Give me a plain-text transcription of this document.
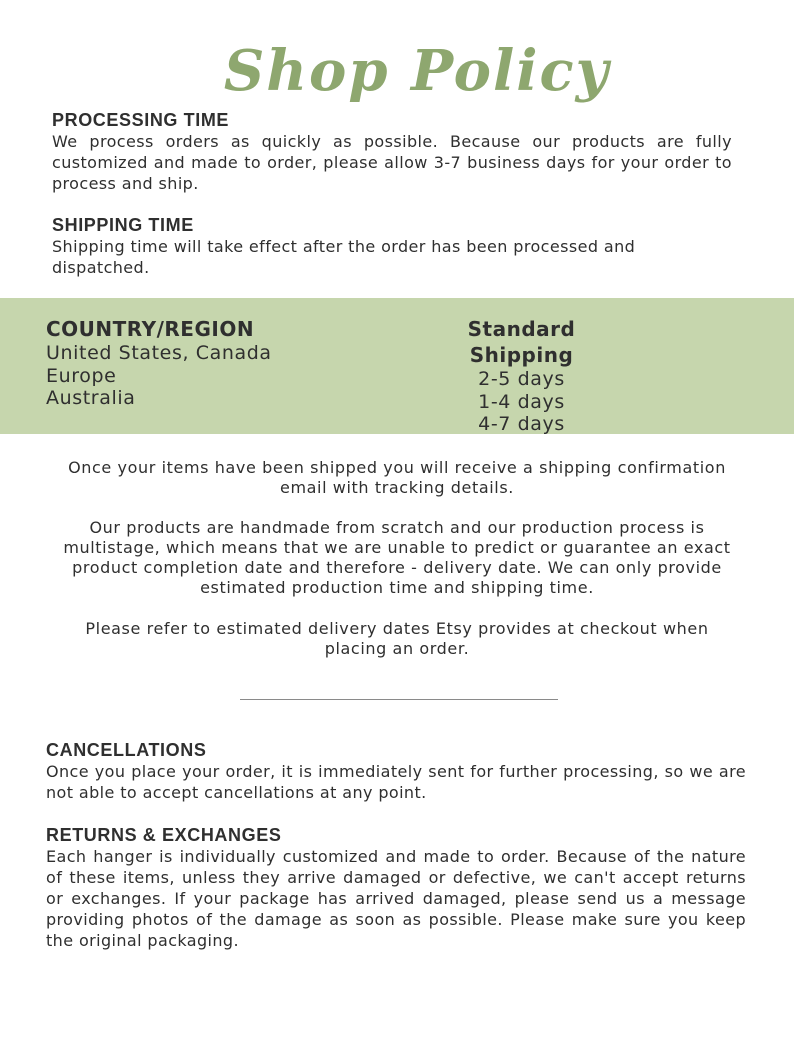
Shop Policy

PROCESSING TIME

We process orders as quickly as possible. Because our products are fully customized and made to order, please allow 3-7 business days for your order to process and ship.

SHIPPING TIME

Shipping time will take effect after the order has been processed and dispatched.

COUNTRY/REGION

United States, Canada

Europe

Australia

Standard Shipping

2-5 days

1-4 days

4-7 days

Once your items have been shipped you will receive a shipping confirmation email with tracking details.

Our products are handmade from scratch and our production process is multistage, which means that we are unable to predict or guarantee an exact product completion date and therefore - delivery date. We can only provide estimated production time and shipping time.

Please refer to estimated delivery dates Etsy provides at checkout when placing an order.

CANCELLATIONS

Once you place your order, it is immediately sent for further processing, so we are not able to accept cancellations at any point.

RETURNS & EXCHANGES

Each hanger is individually customized and made to order. Because of the nature of these items, unless they arrive damaged or defective, we can't accept returns or exchanges. If your package has arrived damaged, please send us a message providing photos of the damage as soon as possible. Please make sure you keep the original packaging.
